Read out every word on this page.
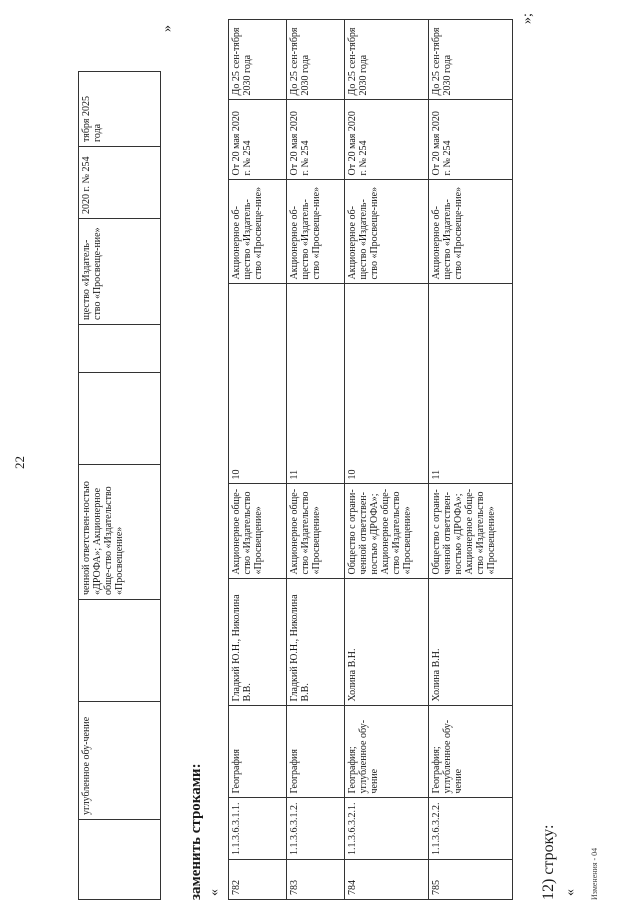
22
	углубленное обу-чение		ченной ответствен-ностью «ДРОФА»; Акционерное обще-ство «Издательство «Просвещение»			щество «Издатель-ство «Просвеще-ние»	2020 г. № 254	тября 2025 года
»
заменить строками: « 782	1.1.3.6.3.1.1.	География	Гладкий Ю.Н., Николина В.В.	Акционерное обще-ство «Издательство «Просвещение»	10	Акционерное об-щество «Издатель-ство «Просвеще-ние»	От 20 мая 2020 г. № 254	До 25 сен-тября 2030 года
783	1.1.3.6.3.1.2.	География	Гладкий Ю.Н., Николина В.В.	Акционерное обще-ство «Издательство «Просвещение»	11	Акционерное об-щество «Издатель-ство «Просвеще-ние»	От 20 мая 2020 г. № 254	До 25 сен-тября 2030 года
784	1.1.3.6.3.2.1.	География; углубленное обу-чение	Холина В.Н.	Общество с ограни-ченной ответствен-ностью «ДРОФА»; Акционерное обще-ство «Издательство «Просвещение»	10	Акционерное об-щество «Издатель-ство «Просвеще-ние»	От 20 мая 2020 г. № 254	До 25 сен-тября 2030 года
785	1.1.3.6.3.2.2.	География; углубленное обу-чение	Холина В.Н.	Общество с ограни-ченной ответствен-ностью «ДРОФА»; Акционерное обще-ство «Издательство «Просвещение»	11	Акционерное об-щество «Издатель-ство «Просвеще-ние»	От 20 мая 2020 г. № 254	До 25 сен-тября 2030 года
»;
12) строку: « Изменения - 04
